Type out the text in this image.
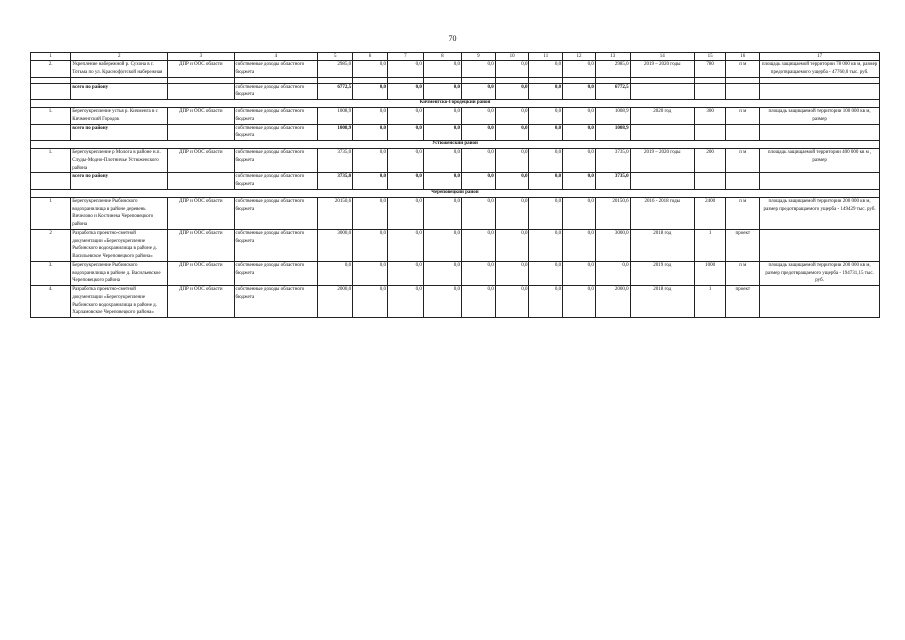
70
1	2	3	4	5	6	7	8	9	10	11	12	13	14	15	16	17
2.	Укрепление набережной р. Сухона в г. Тотьма по ул. Красноф|отской набережная	ДПР и ООС области	собственные доходы областного бюджета	2985,0	0,0	0,0	0,0	0,0	0,0	0,0	0,0	2985,0	2019 – 2020 годы	780	п м	площадь защищаемой территории 78 000 кв м, размер предотвращаемого ущерба - 47760,0 тыс. руб.

	всего по району		собственные доходы областного бюджета	6772,5	0,0	0,0	0,0	0,0	0,0	0,0	0,0	6772,5				
Кичменгско-Городецкий район																
1.	Берегоукрепление устья р. Кичменга в с Кичменгский Городок	ДПР и ООС области	собственные доходы областного бюджета	1008,9	0,0	0,0	0,0	0,0	0,0	0,0	0,0	1008,9	2020 год	300	п м	площадь защищаемой территории 100 000 кв м, размер
	всего по району		собственные доходы областного бюджета	1008,9	0,0	0,0	0,0	0,0	0,0	0,0	0,0	1008,9				
Устюженский район																
1.	Берегоукрепление р Молога в районе н.п. Слуды-Модно-Плотничье Устюженского района	ДПР и ООС области	собственные доходы областного бюджета	3735,0	0,0	0,0	0,0	0,0	0,0	0,0	0,0	3735,0	2019 – 2020 годы	200	п м	площадь защищаемой территории 400 000 кв м , размер
	всего по району		собственные доходы областного бюджета	3735,0	0,0	0,0	0,0	0,0	0,0	0,0	0,0	3735,0				
Череповецкий район																
1	Берегоукрепление Рыбинского водохранилища в районе деревень Вичелово и Костинека Череповецкого района	ДПР и ООС области	собственные доходы областного бюджета	20150,6	0,0	0,0	0,0	0,0	0,0	0,0	0,0	20150,6	2016 - 2018 годы	2400	п м	площадь защищаемой территории 200 000 кв м, размер предотвращаемого ущерба - 149429 тыс. руб.
2	Разработка проектно-сметной документации «Берегоукрепление Рыбинского водохранилища в районе д. Васильевское Череповецкого района»	ДПР и ООС области	собственные доходы областного бюджета	3000,0	0,0	0,0	0,0	0,0	0,0	0,0	0,0	3000,0	2018 год	1	проект	
3.	Берегоукрепление Рыбинского водохранилища в районе д. Васильевское Череповецкого района	ДПР и ООС области	собственные доходы областного бюджета	0,0	0,0	0,0	0,0	0,0	0,0	0,0	0,0	0,0	2019 год	1000	п м	площадь защищаемой территории 200 000 кв м, размер предотвращаемого ущерба - 194731,15 тыс. руб.
4.	Разработка проектно-сметной документации «Берегоукрепление Рыбинского водохранилища в районе д. Харламовское Череповецкого района»	ДПР и ООС области	собственные доходы областного бюджета	2000,0	0,0	0,0	0,0	0,0	0,0	0,0	0,0	2000,0	2018 год	1	проект	
